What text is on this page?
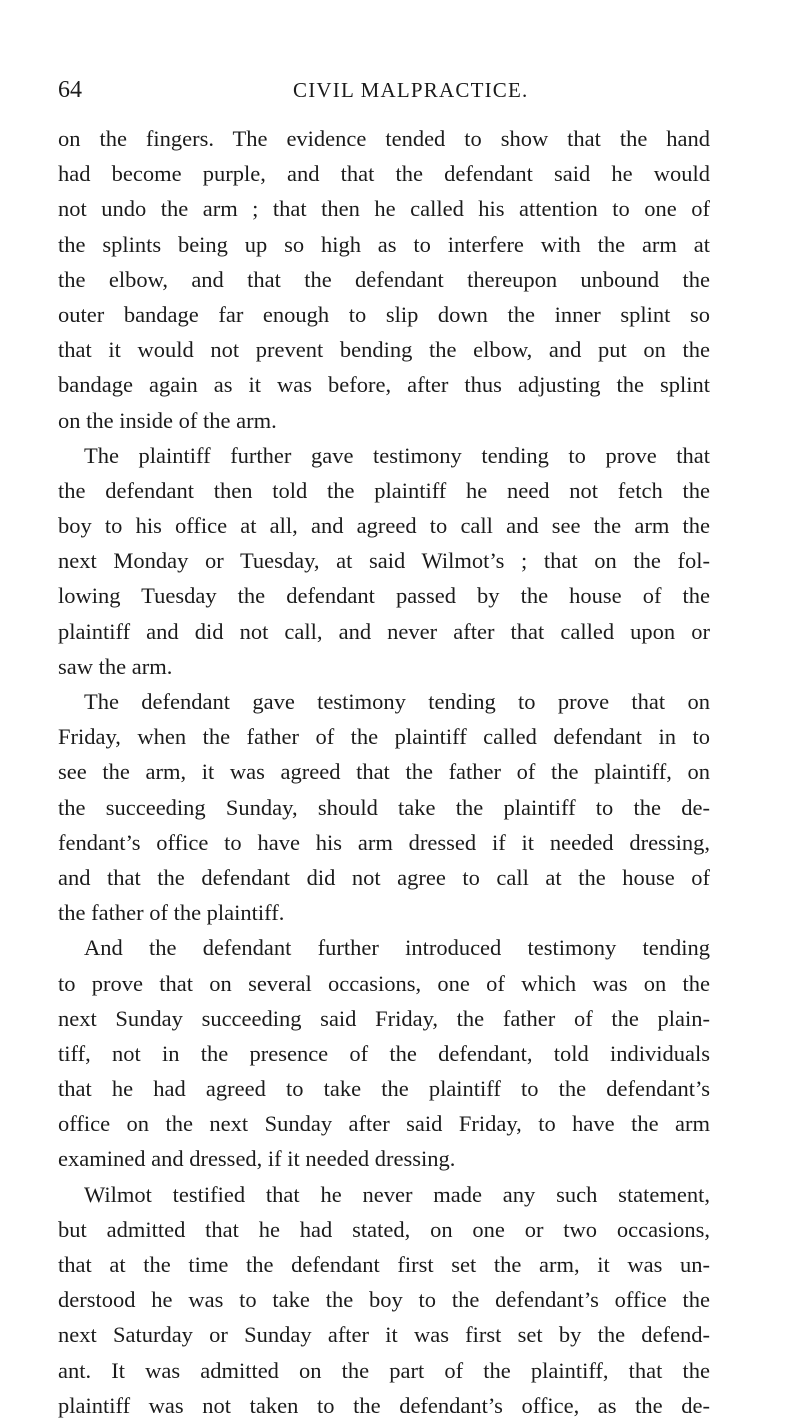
64	CIVIL MALPRACTICE.
on the fingers. The evidence tended to show that the hand
had become purple, and that the defendant said he would
not undo the arm ; that then he called his attention to one of
the splints being up so high as to interfere with the arm at
the elbow, and that the defendant thereupon unbound the
outer bandage far enough to slip down the inner splint so
that it would not prevent bending the elbow, and put on the
bandage again as it was before, after thus adjusting the splint
on the inside of the arm.
The plaintiff further gave testimony tending to prove that
the defendant then told the plaintiff he need not fetch the
boy to his office at all, and agreed to call and see the arm the
next Monday or Tuesday, at said Wilmot’s ; that on the fol-
lowing Tuesday the defendant passed by the house of the
plaintiff and did not call, and never after that called upon or
saw the arm.
The defendant gave testimony tending to prove that on
Friday, when the father of the plaintiff called defendant in to
see the arm, it was agreed that the father of the plaintiff, on
the succeeding Sunday, should take the plaintiff to the de-
fendant’s office to have his arm dressed if it needed dressing,
and that the defendant did not agree to call at the house of
the father of the plaintiff.
And the defendant further introduced testimony tending
to prove that on several occasions, one of which was on the
next Sunday succeeding said Friday, the father of the plain-
tiff, not in the presence of the defendant, told individuals
that he had agreed to take the plaintiff to the defendant’s
office on the next Sunday after said Friday, to have the arm
examined and dressed, if it needed dressing.
Wilmot testified that he never made any such statement,
but admitted that he had stated, on one or two occasions,
that at the time the defendant first set the arm, it was un-
derstood he was to take the boy to the defendant’s office the
next Saturday or Sunday after it was first set by the defend-
ant. It was admitted on the part of the plaintiff, that the
plaintiff was not taken to the defendant’s office, as the de-
